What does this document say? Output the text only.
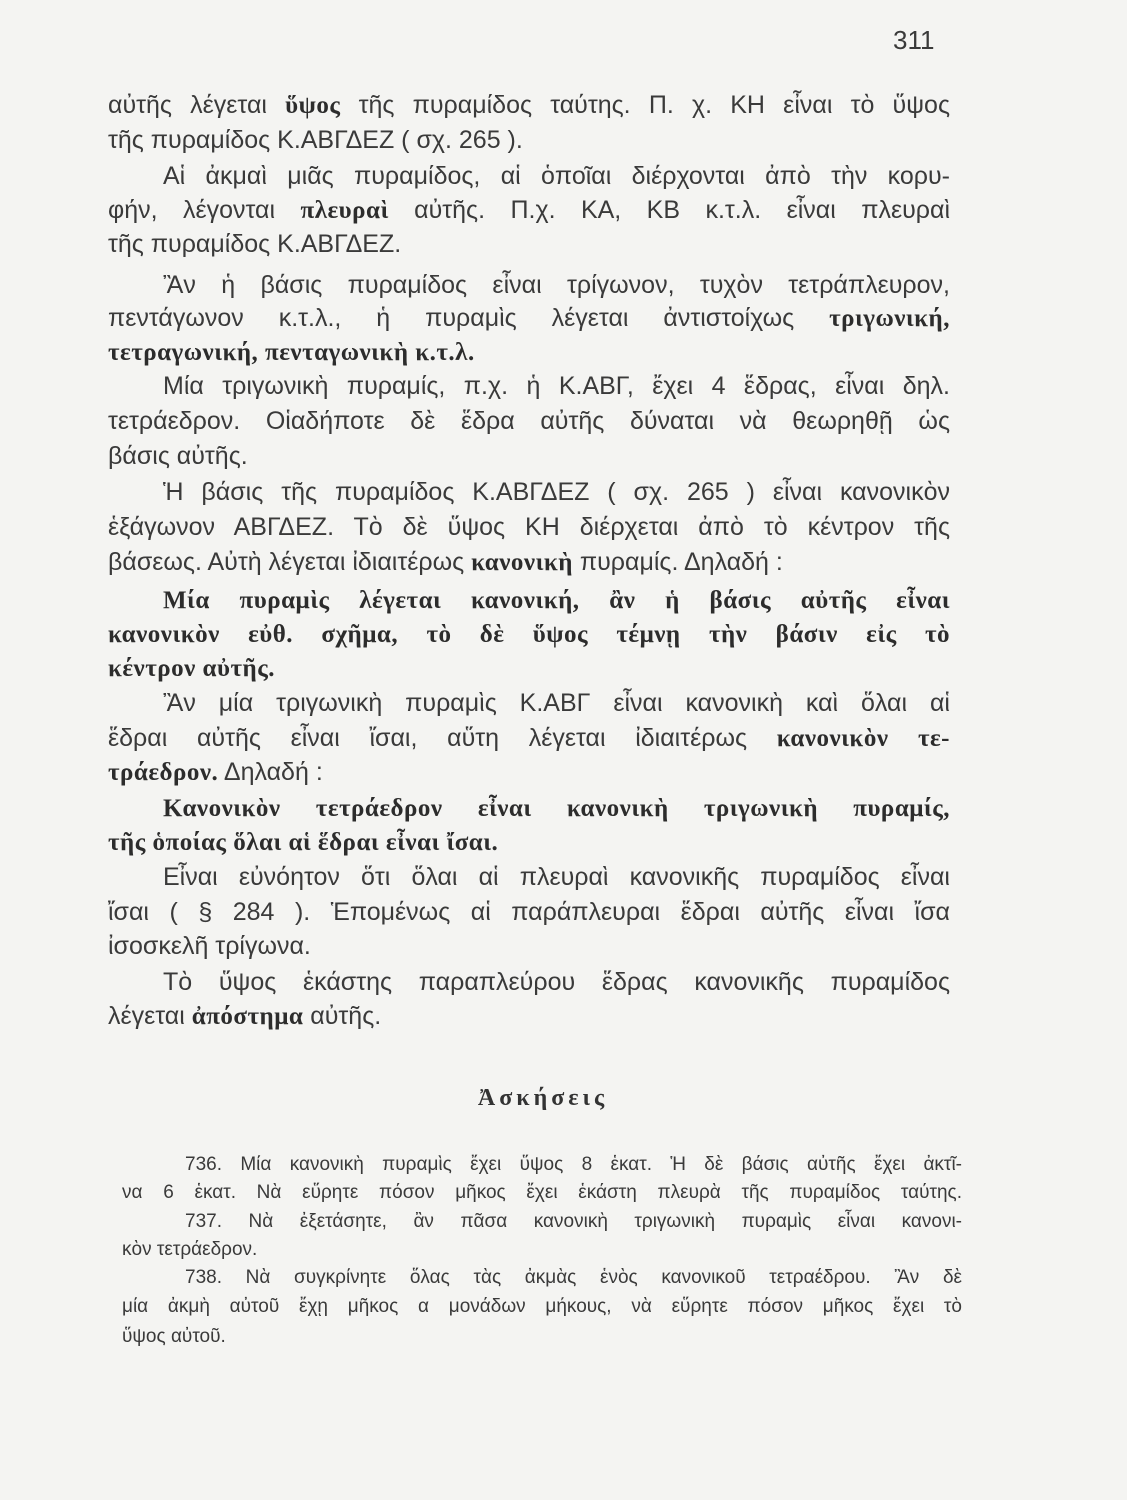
311
αὐτῆς λέγεται ὕψος τῆς πυραμίδος ταύτης. Π. χ. ΚΗ εἶναι τὸ ὕψος
τῆς πυραμίδος Κ.ΑΒΓΔΕΖ ( σχ. 265 ).
Αἱ ἀκμαὶ μιᾶς πυραμίδος, αἱ ὁποῖαι διέρχονται ἀπὸ τὴν κορυ-
φήν, λέγονται πλευραὶ αὐτῆς. Π.χ. ΚΑ, ΚΒ κ.τ.λ. εἶναι πλευραὶ
τῆς πυραμίδος Κ.ΑΒΓΔΕΖ.
Ἂν ἡ βάσις πυραμίδος εἶναι τρίγωνον, τυχὸν τετράπλευρον,
πεντάγωνον κ.τ.λ., ἡ πυραμὶς λέγεται ἀντιστοίχως τριγωνική,
τετραγωνική, πενταγωνικὴ κ.τ.λ.
Μία τριγωνικὴ πυραμίς, π.χ. ἡ Κ.ΑΒΓ, ἔχει 4 ἕδρας, εἶναι δηλ.
τετράεδρον. Οἱαδήποτε δὲ ἕδρα αὐτῆς δύναται νὰ θεωρηθῇ ὡς
βάσις αὐτῆς.
Ἡ βάσις τῆς πυραμίδος Κ.ΑΒΓΔΕΖ ( σχ. 265 ) εἶναι κανονικὸν
ἑξάγωνον ΑΒΓΔΕΖ. Τὸ δὲ ὕψος ΚΗ διέρχεται ἀπὸ τὸ κέντρον τῆς
βάσεως. Αὐτὴ λέγεται ἰδιαιτέρως κανονικὴ πυραμίς. Δηλαδή :
Μία πυραμὶς λέγεται κανονική, ἂν ἡ βάσις αὐτῆς εἶναι
κανονικὸν εὐθ. σχῆμα, τὸ δὲ ὕψος τέμνῃ τὴν βάσιν εἰς τὸ
κέντρον αὐτῆς.
Ἂν μία τριγωνικὴ πυραμὶς Κ.ΑΒΓ εἶναι κανονικὴ καὶ ὅλαι αἱ
ἕδραι αὐτῆς εἶναι ἴσαι, αὕτη λέγεται ἰδιαιτέρως κανονικὸν τε-
τράεδρον. Δηλαδή :
Κανονικὸν τετράεδρον εἶναι κανονικὴ τριγωνικὴ πυραμίς,
τῆς ὁποίας ὅλαι αἱ ἕδραι εἶναι ἴσαι.
Εἶναι εὐνόητον ὅτι ὅλαι αἱ πλευραὶ κανονικῆς πυραμίδος εἶναι
ἴσαι ( § 284 ). Ἑπομένως αἱ παράπλευραι ἕδραι αὐτῆς εἶναι ἴσα
ἰσοσκελῆ τρίγωνα.
Τὸ ὕψος ἑκάστης παραπλεύρου ἕδρας κανονικῆς πυραμίδος
λέγεται ἀπόστημα αὐτῆς.
Ἀσκήσεις
736. Μία κανονικὴ πυραμὶς ἔχει ὕψος 8 ἑκατ. Ἡ δὲ βάσις αὐτῆς ἔχει ἀκτῖ-
να 6 ἑκατ. Νὰ εὕρητε πόσον μῆκος ἔχει ἑκάστη πλευρὰ τῆς πυραμίδος ταύτης.
737. Νὰ ἐξετάσητε, ἂν πᾶσα κανονικὴ τριγωνικὴ πυραμὶς εἶναι κανονι-
κὸν τετράεδρον.
738. Νὰ συγκρίνητε ὅλας τὰς ἀκμὰς ἑνὸς κανονικοῦ τετραέδρου. Ἂν δὲ
μία ἀκμὴ αὐτοῦ ἔχῃ μῆκος α μονάδων μήκους, νὰ εὕρητε πόσον μῆκος ἔχει τὸ
ὕψος αὐτοῦ.
